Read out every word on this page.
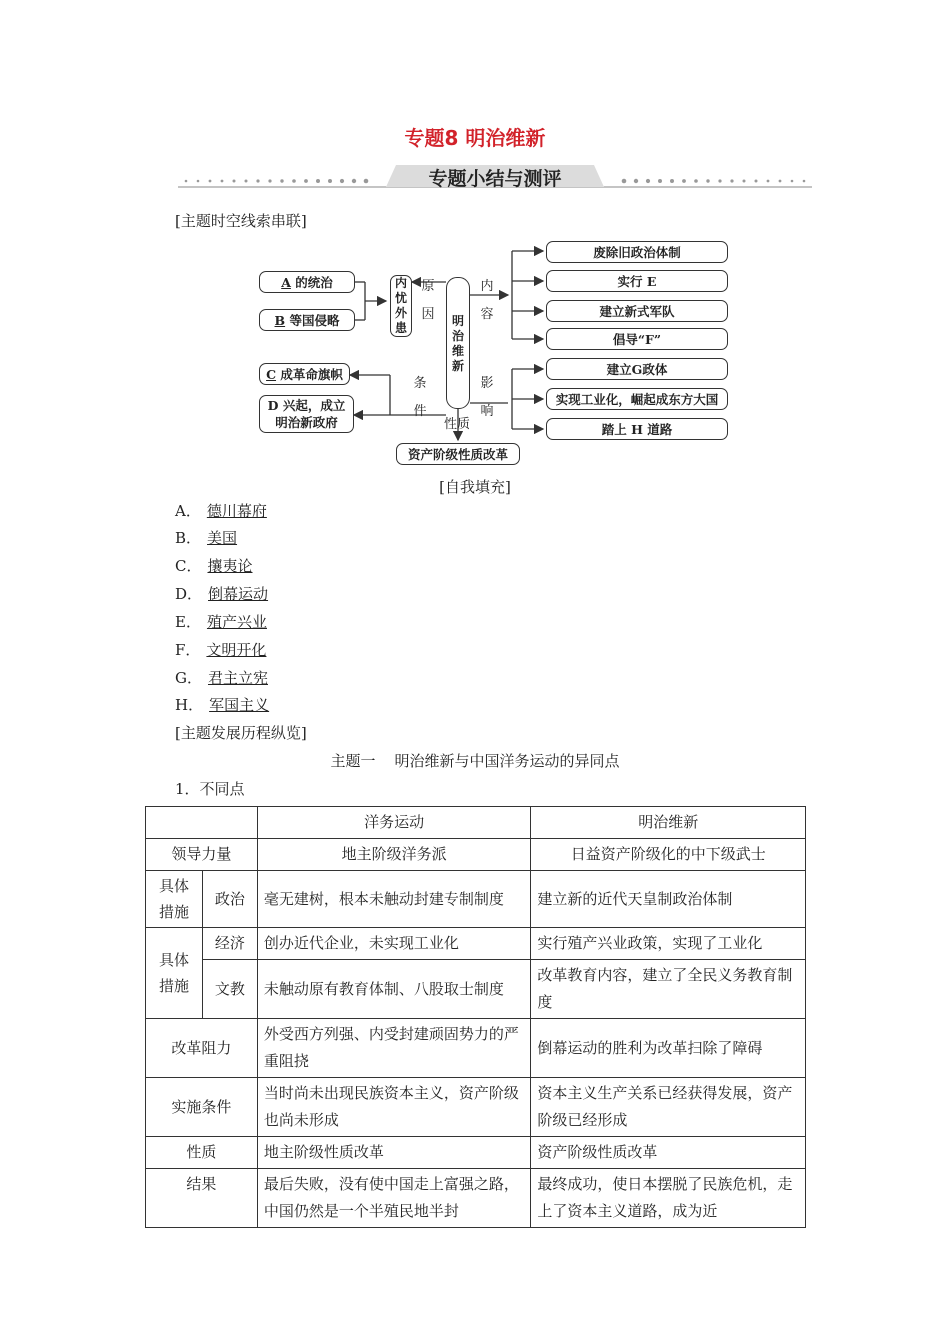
专题8 明治维新
专题小结与测评
[主题时空线索串联]
A 的统治
B 等国侵略
内忧外患
C 成革命旗帜
D 兴起，成立
明治新政府
明治维新
原因
内容
条件
影响
性质
废除旧政治体制
实行 E
建立新式军队
倡导“F”
建立G政体
实现工业化，崛起成东方大国
踏上 H 道路
资产阶级性质改革
[自我填充]
A． 德川幕府
B． 美国
C． 攘夷论
D． 倒幕运动
E． 殖产兴业
F． 文明开化
G． 君主立宪
H． 军国主义
[主题发展历程纵览]
主题一    明治维新与中国洋务运动的异同点
1．不同点
		洋务运动	明治维新
领导力量		地主阶级洋务派	日益资产阶级化的中下级武士
具体措施	政治	毫无建树，根本未触动封建专制制度	建立新的近代天皇制政治体制
具体措施	经济	创办近代企业，未实现工业化	实行殖产兴业政策，实现了工业化
	文教	未触动原有教育体制、八股取士制度	改革教育内容，建立了全民义务教育制度
改革阻力		外受西方列强、内受封建顽固势力的严重阻挠	倒幕运动的胜利为改革扫除了障碍
实施条件		当时尚未出现民族资本主义，资产阶级也尚未形成	资本主义生产关系已经获得发展，资产阶级已经形成
性质		地主阶级性质改革	资产阶级性质改革
结果		最后失败，没有使中国走上富强之路，中国仍然是一个半殖民地半封	最终成功，使日本摆脱了民族危机，走上了资本主义道路，成为近
